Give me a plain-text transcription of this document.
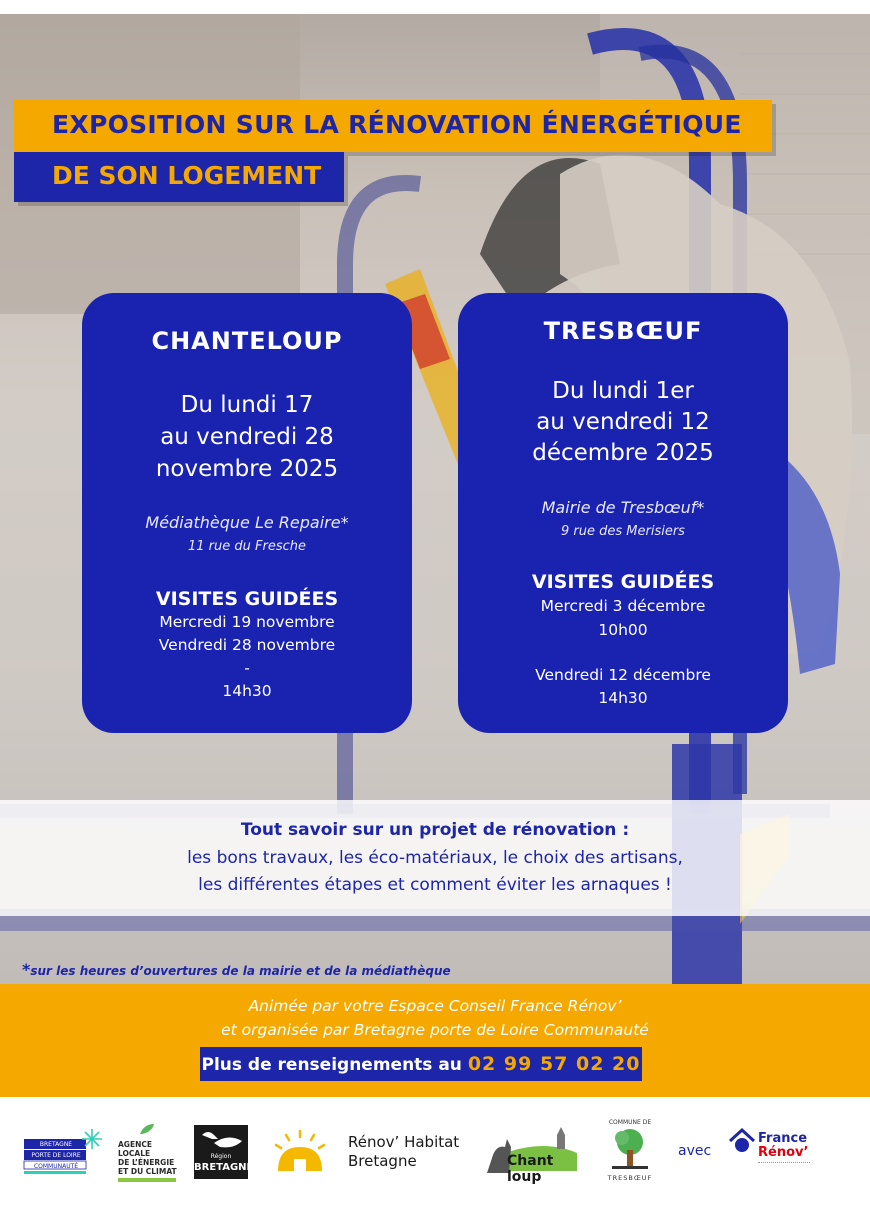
EXPOSITION SUR LA RÉNOVATION ÉNERGÉTIQUE
DE SON LOGEMENT
CHANTELOUP
Du lundi 17
au vendredi 28
novembre 2025
Médiathèque Le Repaire*
11 rue du Fresche
VISITES GUIDÉES
Mercredi 19 novembre
Vendredi 28 novembre
-
14h30
TRESBŒUF
Du lundi 1er
au vendredi 12
décembre 2025
Mairie de Tresbœuf*
9 rue des Merisiers
VISITES GUIDÉES
Mercredi 3 décembre
10h00
Vendredi 12 décembre
14h30
Tout savoir sur un projet de rénovation :
les bons travaux, les éco-matériaux, le choix des artisans,
les différentes étapes et comment éviter les arnaques !
*sur les heures d’ouvertures de la mairie et de la médiathèque
Animée par votre Espace Conseil France Rénov’
et organisée par Bretagne porte de Loire Communauté
Plus de renseignements au 02 99 57 02 20
BRETAGNE
PORTE DE LOIRE
COMMUNAUTÉ
AGENCE LOCALE
DE L’ÉNERGIE
ET DU CLIMAT
Région
BRETAGNE
Rénov’ Habitat
Bretagne	Chant loup
COMMUNE DE
TRESBŒUF
avec
France
Rénov’
